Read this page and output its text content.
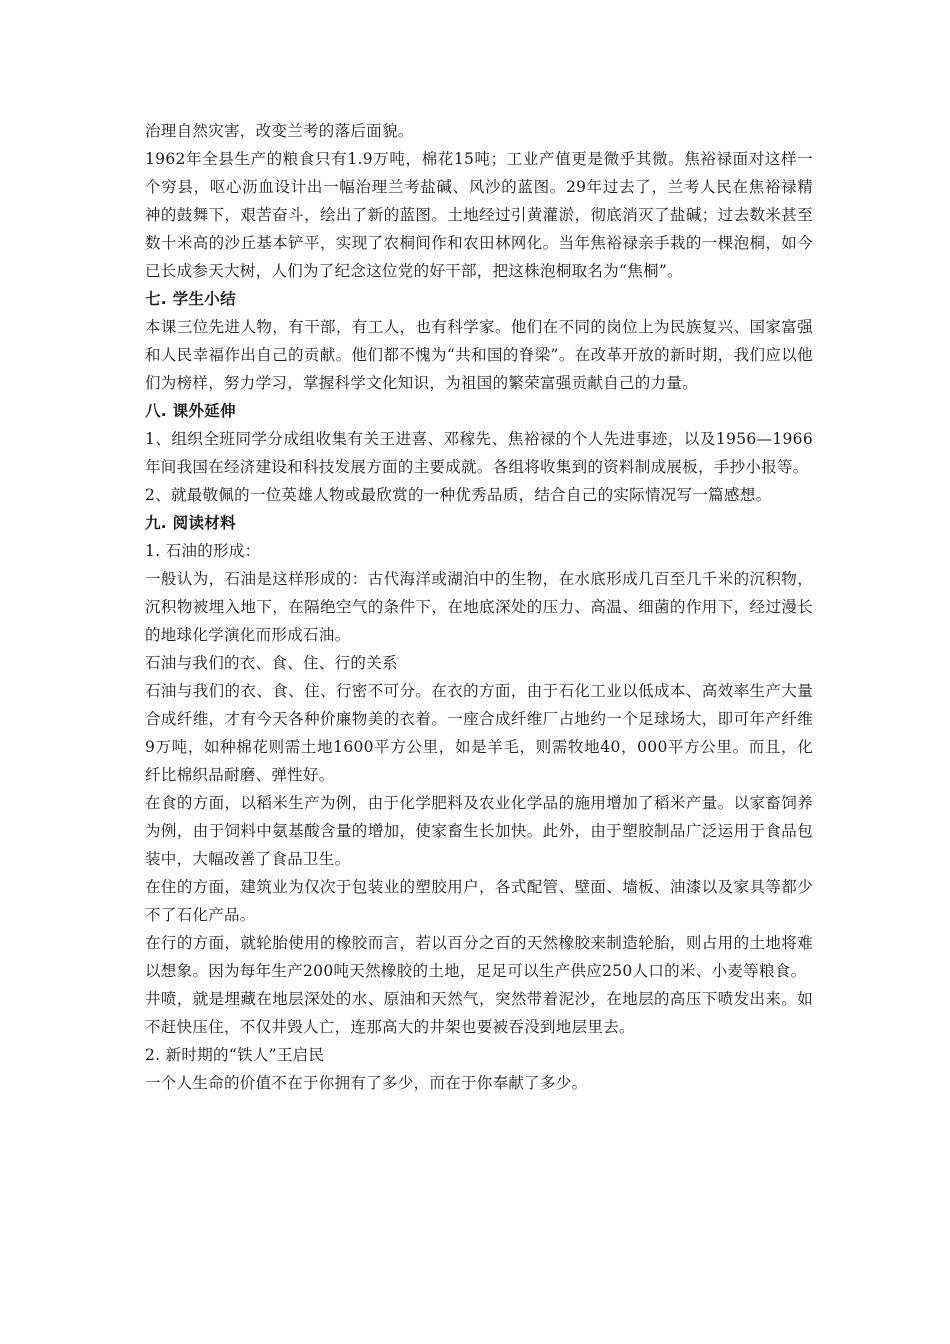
治理自然灾害，改变兰考的落后面貌。

1962年全县生产的粮食只有1.9万吨，棉花15吨；工业产值更是微乎其微。焦裕禄面对这样一个穷县，呕心沥血设计出一幅治理兰考盐碱、风沙的蓝图。29年过去了，兰考人民在焦裕禄精神的鼓舞下，艰苦奋斗，绘出了新的蓝图。土地经过引黄灌淤，彻底消灭了盐碱；过去数米甚至数十米高的沙丘基本铲平，实现了农桐间作和农田林网化。当年焦裕禄亲手栽的一棵泡桐，如今已长成参天大树，人们为了纪念这位党的好干部，把这株泡桐取名为“焦桐”。

七. 学生小结

本课三位先进人物，有干部，有工人，也有科学家。他们在不同的岗位上为民族复兴、国家富强和人民幸福作出自己的贡献。他们都不愧为“共和国的脊梁”。在改革开放的新时期，我们应以他们为榜样，努力学习，掌握科学文化知识，为祖国的繁荣富强贡献自己的力量。

八. 课外延伸

1、组织全班同学分成组收集有关王进喜、邓稼先、焦裕禄的个人先进事迹，以及1956—1966年间我国在经济建设和科技发展方面的主要成就。各组将收集到的资料制成展板，手抄小报等。

2、就最敬佩的一位英雄人物或最欣赏的一种优秀品质，结合自己的实际情况写一篇感想。

九. 阅读材料

1. 石油的形成：

一般认为，石油是这样形成的：古代海洋或湖泊中的生物，在水底形成几百至几千米的沉积物，沉积物被埋入地下，在隔绝空气的条件下，在地底深处的压力、高温、细菌的作用下，经过漫长的地球化学演化而形成石油。

石油与我们的衣、食、住、行的关系

石油与我们的衣、食、住、行密不可分。在衣的方面，由于石化工业以低成本、高效率生产大量合成纤维，才有今天各种价廉物美的衣着。一座合成纤维厂占地约一个足球场大，即可年产纤维9万吨，如种棉花则需土地1600平方公里，如是羊毛，则需牧地40，000平方公里。而且，化纤比棉织品耐磨、弹性好。

在食的方面，以稻米生产为例，由于化学肥料及农业化学品的施用增加了稻米产量。以家畜饲养为例，由于饲料中氨基酸含量的增加，使家畜生长加快。此外，由于塑胶制品广泛运用于食品包装中，大幅改善了食品卫生。

在住的方面，建筑业为仅次于包装业的塑胶用户，各式配管、壁面、墙板、油漆以及家具等都少不了石化产品。

在行的方面，就轮胎使用的橡胶而言，若以百分之百的天然橡胶来制造轮胎，则占用的土地将难以想象。因为每年生产200吨天然橡胶的土地，足足可以生产供应250人口的米、小麦等粮食。

井喷，就是埋藏在地层深处的水、原油和天然气，突然带着泥沙，在地层的高压下喷发出来。如不赶快压住，不仅井毁人亡，连那高大的井架也要被吞没到地层里去。

2. 新时期的“铁人”王启民

一个人生命的价值不在于你拥有了多少，而在于你奉献了多少。
